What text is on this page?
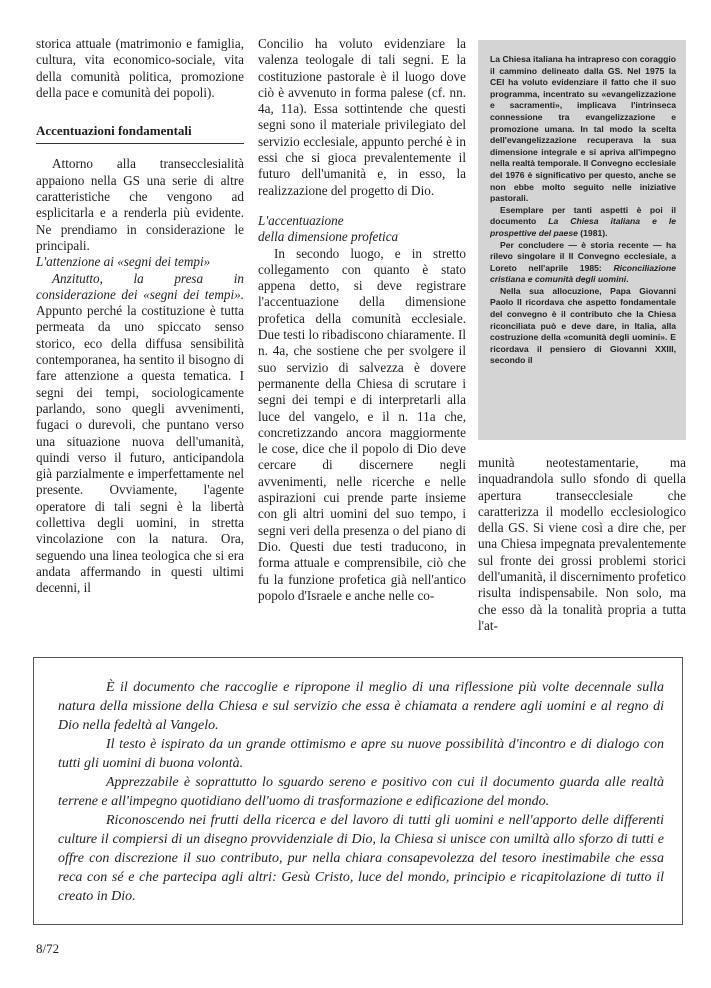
storica attuale (matrimonio e famiglia, cultura, vita economico-sociale, vita della comunità politica, promozione della pace e comunità dei popoli).

Accentuazioni fondamentali

Attorno alla transecclesialità appaiono nella GS una serie di altre caratteristiche che vengono ad esplicitarla e a renderla più evidente. Ne prendiamo in considerazione le principali.

L'attenzione ai «segni dei tempi»

Anzitutto, la presa in considerazione dei «segni dei tempi». Appunto perché la costituzione è tutta permeata da uno spiccato senso storico, eco della diffusa sensibilità contemporanea, ha sentito il bisogno di fare attenzione a questa tematica. I segni dei tempi, sociologicamente parlando, sono quegli avvenimenti, fugaci o durevoli, che puntano verso una situazione nuova dell'umanità, quindi verso il futuro, anticipandola già parzialmente e imperfettamente nel presente. Ovviamente, l'agente operatore di tali segni è la libertà collettiva degli uomini, in stretta vincolazione con la natura. Ora, seguendo una linea teologica che si era andata affermando in questi ultimi decenni, il

Concilio ha voluto evidenziare la valenza teologale di tali segni. E la costituzione pastorale è il luogo dove ciò è avvenuto in forma palese (cf. nn. 4a, 11a). Essa sottintende che questi segni sono il materiale privilegiato del servizio ecclesiale, appunto perché è in essi che si gioca prevalentemente il futuro dell'umanità e, in esso, la realizzazione del progetto di Dio.

L'accentuazione
della dimensione profetica

In secondo luogo, e in stretto collegamento con quanto è stato appena detto, si deve registrare l'accentuazione della dimensione profetica della comunità ecclesiale. Due testi lo ribadiscono chiaramente. Il n. 4a, che sostiene che per svolgere il suo servizio di salvezza è dovere permanente della Chiesa di scrutare i segni dei tempi e di interpretarli alla luce del vangelo, e il n. 11a che, concretizzando ancora maggiormente le cose, dice che il popolo di Dio deve cercare di discernere negli avvenimenti, nelle ricerche e nelle aspirazioni cui prende parte insieme con gli altri uomini del suo tempo, i segni veri della presenza o del piano di Dio. Questi due testi traducono, in forma attuale e comprensibile, ciò che fu la funzione profetica già nell'antico popolo d'Israele e anche nelle co-

La Chiesa italiana ha intrapreso con coraggio il cammino delineato dalla GS. Nel 1975 la CEI ha voluto evidenziare il fatto che il suo programma, incentrato su «evangelizzazione e sacramenti», implicava l'intrinseca connessione tra evangelizzazione e promozione umana. In tal modo la scelta dell'evangelizzazione recuperava la sua dimensione integrale e si apriva all'impegno nella realtà temporale. Il Convegno ecclesiale del 1976 è significativo per questo, anche se non ebbe molto seguito nelle iniziative pastorali.

Esemplare per tanti aspetti è poi il documento La Chiesa italiana e le prospettive del paese (1981).

Per concludere — è storia recente — ha rilevo singolare il II Convegno ecclesiale, a Loreto nell'aprile 1985: Riconciliazione cristiana e comunità degli uomini.

Nella sua allocuzione, Papa Giovanni Paolo II ricordava che aspetto fondamentale del convegno è il contributo che la Chiesa riconciliata può e deve dare, in Italia, alla costruzione della «comunità degli uomini». E ricordava il pensiero di Giovanni XXIII, secondo il

munità neotestamentarie, ma inquadrandola sullo sfondo di quella apertura transecclesiale che caratterizza il modello ecclesiologico della GS. Si viene così a dire che, per una Chiesa impegnata prevalentemente sul fronte dei grossi problemi storici dell'umanità, il discernimento profetico risulta indispensabile. Non solo, ma che esso dà la tonalità propria a tutta l'at-

È il documento che raccoglie e ripropone il meglio di una riflessione più volte decennale sulla natura della missione della Chiesa e sul servizio che essa è chiamata a rendere agli uomini e al regno di Dio nella fedeltà al Vangelo.

Il testo è ispirato da un grande ottimismo e apre su nuove possibilità d'incontro e di dialogo con tutti gli uomini di buona volontà.

Apprezzabile è soprattutto lo sguardo sereno e positivo con cui il documento guarda alle realtà terrene e all'impegno quotidiano dell'uomo di trasformazione e edificazione del mondo.

Riconoscendo nei frutti della ricerca e del lavoro di tutti gli uomini e nell'apporto delle differenti culture il compiersi di un disegno provvidenziale di Dio, la Chiesa si unisce con umiltà allo sforzo di tutti e offre con discrezione il suo contributo, pur nella chiara consapevolezza del tesoro inestimabile che essa reca con sé e che partecipa agli altri: Gesù Cristo, luce del mondo, principio e ricapitolazione di tutto il creato in Dio.

8/72
